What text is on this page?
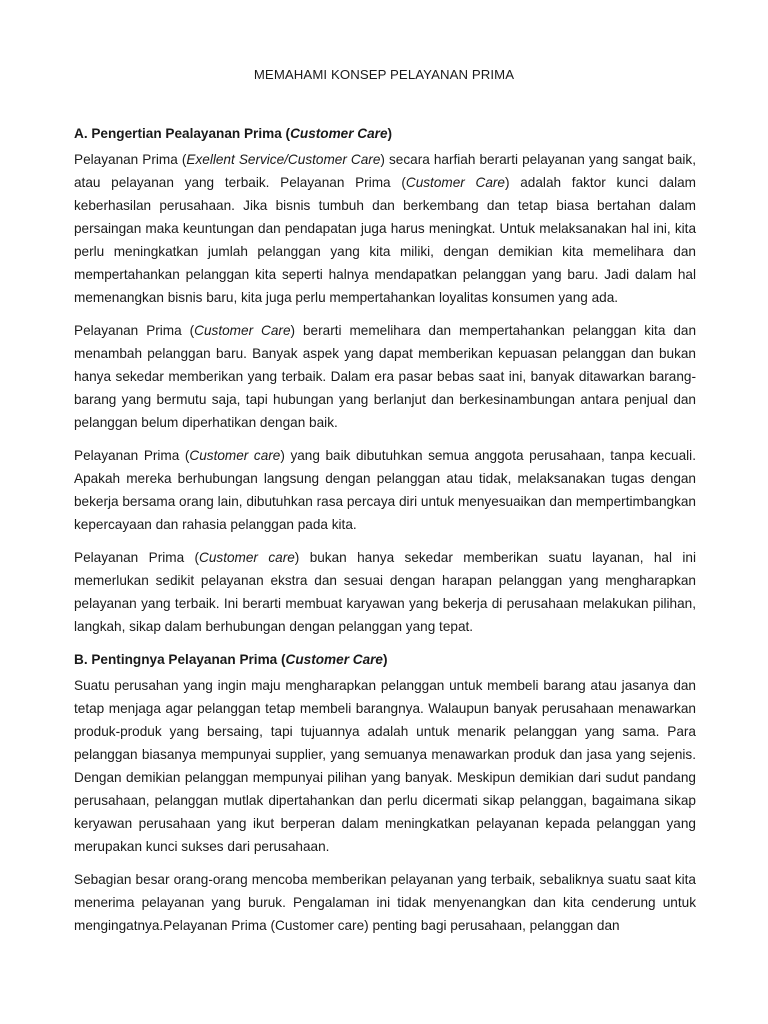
MEMAHAMI KONSEP PELAYANAN PRIMA
A. Pengertian Pealayanan Prima (Customer Care)

Pelayanan Prima (Exellent Service/Customer Care) secara harfiah berarti pelayanan yang sangat baik, atau pelayanan yang terbaik. Pelayanan Prima (Customer Care) adalah faktor kunci dalam keberhasilan perusahaan. Jika bisnis tumbuh dan berkembang dan tetap biasa bertahan dalam persaingan maka keuntungan dan pendapatan juga harus meningkat. Untuk melaksanakan hal ini, kita perlu meningkatkan jumlah pelanggan yang kita miliki, dengan demikian kita memelihara dan mempertahankan pelanggan kita seperti halnya mendapatkan pelanggan yang baru. Jadi dalam hal memenangkan bisnis baru, kita juga perlu mempertahankan loyalitas konsumen yang ada.

Pelayanan Prima (Customer Care) berarti memelihara dan mempertahankan pelanggan kita dan menambah pelanggan baru. Banyak aspek yang dapat memberikan kepuasan pelanggan dan bukan hanya sekedar memberikan yang terbaik. Dalam era pasar bebas saat ini, banyak ditawarkan barang-barang yang bermutu saja, tapi hubungan yang berlanjut dan berkesinambungan antara penjual dan pelanggan belum diperhatikan dengan baik.

Pelayanan Prima (Customer care) yang baik dibutuhkan semua anggota perusahaan, tanpa kecuali. Apakah mereka berhubungan langsung dengan pelanggan atau tidak, melaksanakan tugas dengan bekerja bersama orang lain, dibutuhkan rasa percaya diri untuk menyesuaikan dan mempertimbangkan kepercayaan dan rahasia pelanggan pada kita.

Pelayanan Prima (Customer care) bukan hanya sekedar memberikan suatu layanan, hal ini memerlukan sedikit pelayanan ekstra dan sesuai dengan harapan pelanggan yang mengharapkan pelayanan yang terbaik. Ini berarti membuat karyawan yang bekerja di perusahaan melakukan pilihan, langkah, sikap dalam berhubungan dengan pelanggan yang tepat.

B. Pentingnya Pelayanan Prima (Customer Care)

Suatu perusahan yang ingin maju mengharapkan pelanggan untuk membeli barang atau jasanya dan tetap menjaga agar pelanggan tetap membeli barangnya. Walaupun banyak perusahaan menawarkan produk-produk yang bersaing, tapi tujuannya adalah untuk menarik pelanggan yang sama. Para pelanggan biasanya mempunyai supplier, yang semuanya menawarkan produk dan jasa yang sejenis. Dengan demikian pelanggan mempunyai pilihan yang banyak. Meskipun demikian dari sudut pandang perusahaan, pelanggan mutlak dipertahankan dan perlu dicermati sikap pelanggan, bagaimana sikap keryawan perusahaan yang ikut berperan dalam meningkatkan pelayanan kepada pelanggan yang merupakan kunci sukses dari perusahaan.

Sebagian besar orang-orang mencoba memberikan pelayanan yang terbaik, sebaliknya suatu saat kita menerima pelayanan yang buruk. Pengalaman ini tidak menyenangkan dan kita cenderung untuk mengingatnya.Pelayanan Prima (Customer care) penting bagi perusahaan, pelanggan dan
